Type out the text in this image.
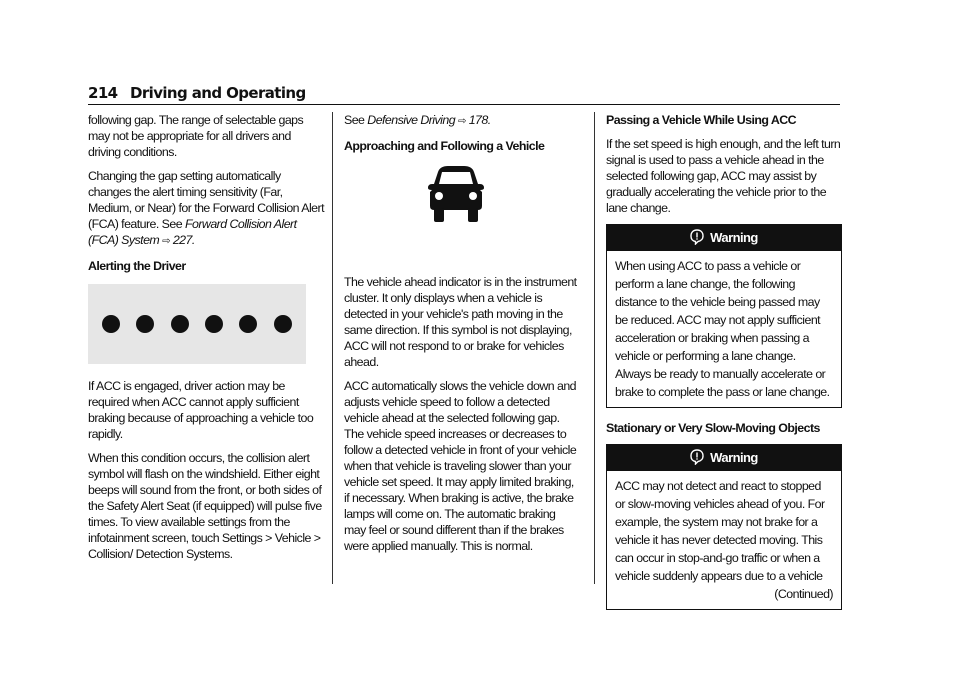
214 Driving and Operating

following gap. The range of selectable gaps may not be appropriate for all drivers and driving conditions.

Changing the gap setting automatically changes the alert timing sensitivity (Far, Medium, or Near) for the Forward Collision Alert (FCA) feature. See Forward Collision Alert (FCA) System ⇨ 227.

Alerting the Driver

If ACC is engaged, driver action may be required when ACC cannot apply sufficient braking because of approaching a vehicle too rapidly.

When this condition occurs, the collision alert symbol will flash on the windshield. Either eight beeps will sound from the front, or both sides of the Safety Alert Seat (if equipped) will pulse five times. To view available settings from the infotainment screen, touch Settings > Vehicle > Collision/ Detection Systems.

See Defensive Driving ⇨ 178.

Approaching and Following a Vehicle

The vehicle ahead indicator is in the instrument cluster. It only displays when a vehicle is detected in your vehicle's path moving in the same direction. If this symbol is not displaying, ACC will not respond to or brake for vehicles ahead.

ACC automatically slows the vehicle down and adjusts vehicle speed to follow a detected vehicle ahead at the selected following gap. The vehicle speed increases or decreases to follow a detected vehicle in front of your vehicle when that vehicle is traveling slower than your vehicle set speed. It may apply limited braking, if necessary. When braking is active, the brake lamps will come on. The automatic braking may feel or sound different than if the brakes were applied manually. This is normal.

Passing a Vehicle While Using ACC

If the set speed is high enough, and the left turn signal is used to pass a vehicle ahead in the selected following gap, ACC may assist by gradually accelerating the vehicle prior to the lane change.

Warning
When using ACC to pass a vehicle or perform a lane change, the following distance to the vehicle being passed may be reduced. ACC may not apply sufficient acceleration or braking when passing a vehicle or performing a lane change. Always be ready to manually accelerate or brake to complete the pass or lane change.

Stationary or Very Slow-Moving Objects

Warning
ACC may not detect and react to stopped or slow-moving vehicles ahead of you. For example, the system may not brake for a vehicle it has never detected moving. This can occur in stop-and-go traffic or when a vehicle suddenly appears due to a vehicle
(Continued)
